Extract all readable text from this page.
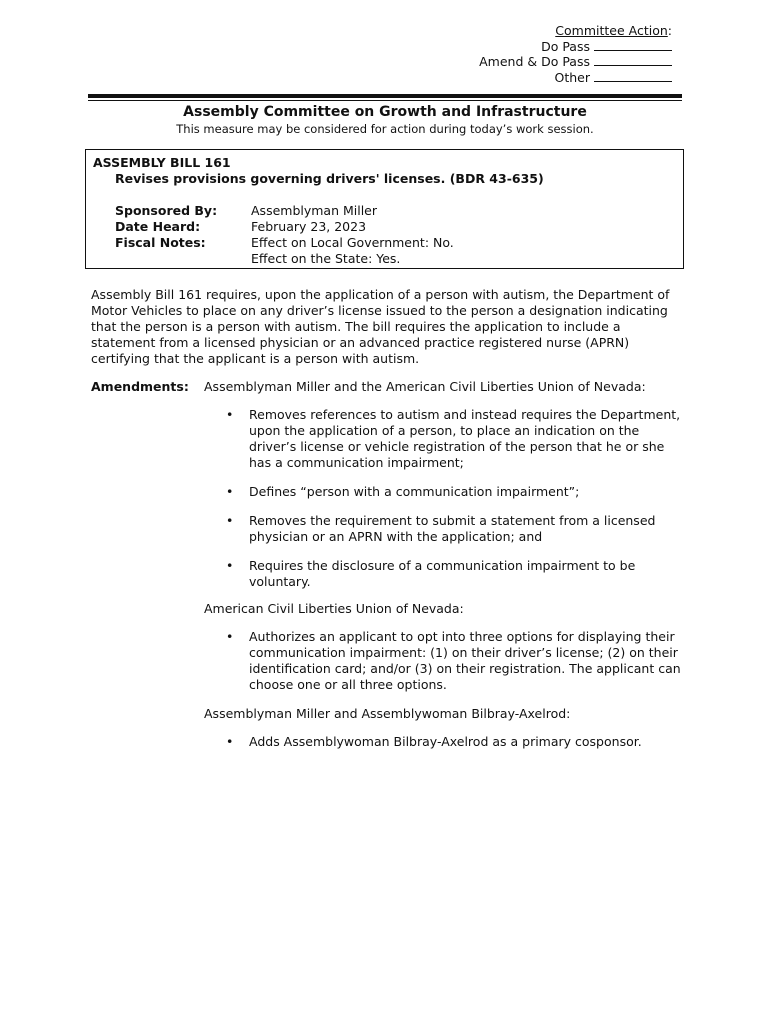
Committee Action:
Do Pass
Amend & Do Pass
Other
Assembly Committee on Growth and Infrastructure
This measure may be considered for action during today’s work session.
ASSEMBLY BILL 161
Revises provisions governing drivers' licenses. (BDR 43-635)
Sponsored By:	Assemblyman Miller
Date Heard:	February 23, 2023
Fiscal Notes:	Effect on Local Government: No.
Effect on the State: Yes.
Assembly Bill 161 requires, upon the application of a person with autism, the Department of Motor Vehicles to place on any driver’s license issued to the person a designation indicating that the person is a person with autism. The bill requires the application to include a statement from a licensed physician or an advanced practice registered nurse (APRN) certifying that the applicant is a person with autism.
Amendments: Assemblyman Miller and the American Civil Liberties Union of Nevada:
• Removes references to autism and instead requires the Department, upon the application of a person, to place an indication on the driver’s license or vehicle registration of the person that he or she has a communication impairment;
• Defines “person with a communication impairment”;
• Removes the requirement to submit a statement from a licensed physician or an APRN with the application; and
• Requires the disclosure of a communication impairment to be voluntary.
American Civil Liberties Union of Nevada:
• Authorizes an applicant to opt into three options for displaying their communication impairment: (1) on their driver’s license; (2) on their identification card; and/or (3) on their registration. The applicant can choose one or all three options.
Assemblyman Miller and Assemblywoman Bilbray-Axelrod:
• Adds Assemblywoman Bilbray-Axelrod as a primary cosponsor.
